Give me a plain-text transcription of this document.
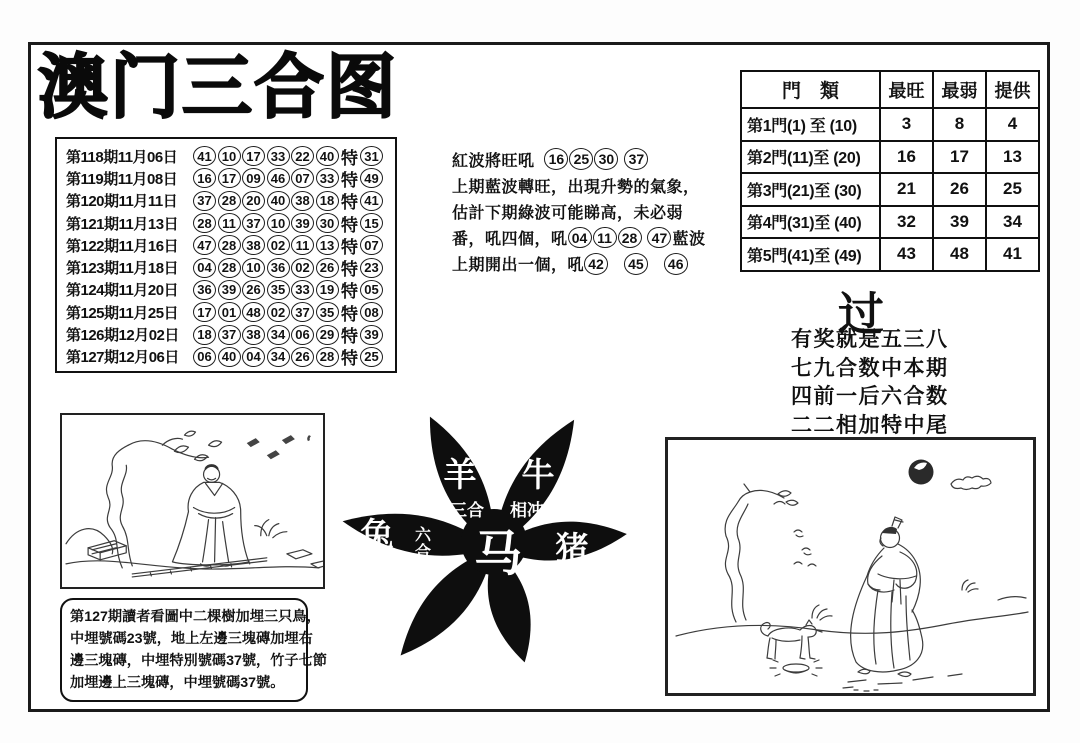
澳门三合图
第118期11月06日	41 10 17 33 22 40 特 31
第119期11月08日	16 17 09 46 07 33 特 49
第120期11月11日	37 28 20 40 38 18 特 41
第121期11月13日	28 11 37 10 39 30 特 15
第122期11月16日	47 28 38 02 11 13 特 07
第123期11月18日	04 28 10 36 02 26 特 23
第124期11月20日	36 39 26 35 33 19 特 05
第125期11月25日	17 01 48 02 37 35 特 08
第126期12月02日	18 37 38 34 06 29 特 39
第127期12月06日	06 40 04 34 26 28 特 25
紅波將旺吼 16 25 30
	37
上期藍波轉旺，出現升勢的氣象，
估計下期綠波可能睇高，未必弱
番，吼四個，吼 04 11 28
	47 藍波
上期開出一個，吼 42
	45
	46
門　類	最旺	最弱	提供
第1門(1) 至 (10)	3	8	4
第2門(11)至 (20)	16	17	13
第3門(21)至 (30)	21	26	25
第4門(31)至 (40)	32	39	34
第5門(41)至 (49)	43	48	41
过
有奖就是五三八
七九合数中本期
四前一后六合数
二二相加特中尾
第127期讀者看圖中二棵樹加埋三只鳥，
中埋號碼23號，地上左邊三塊磚加埋右
邊三塊磚，中埋特別號碼37號，竹子七節
加埋邊上三塊磚，中埋號碼37號。
羊 牛
三合 相冲
兔 六
合 马 猪
